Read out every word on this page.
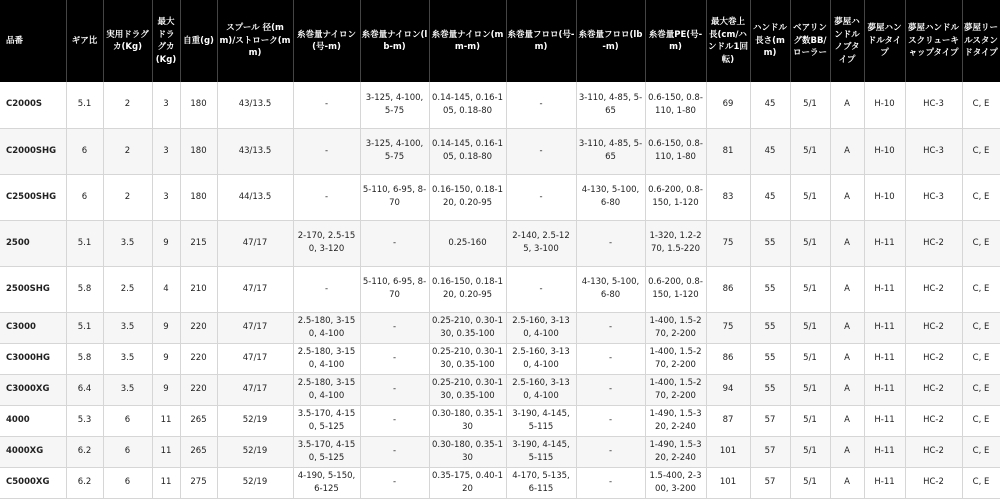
品番	ギア比	実用ドラグカ(Kg)	最大ドラグカ(Kg)	自重(g)	スプール 径(mm)/ストローク(mm)	糸巻量ナイロン(号-m)	糸巻量ナイロン(lb-m)	糸巻量ナイロン(mm-m)	糸巻量フロロ(号-m)	糸巻量フロロ(lb-m)	糸巻量PE(号-m)	最大巻上長(cm/ハンドル1回転)	ハンドル長さ(mm)	ベアリング数BB/ローラー	夢屋ハンドルノブタイプ	夢屋ハンドルタイプ	夢屋ハンドルスクリューキャップタイプ	夢屋リールスタンドタイプ
C2000S	5.1	2	3	180	43/13.5	-	3-125, 4-100, 5-75	0.14-145, 0.16-105, 0.18-80	-	3-110, 4-85, 5-65	0.6-150, 0.8-110, 1-80	69	45	5/1	A	H-10	HC-3	C, E
C2000SHG	6	2	3	180	43/13.5	-	3-125, 4-100, 5-75	0.14-145, 0.16-105, 0.18-80	-	3-110, 4-85, 5-65	0.6-150, 0.8-110, 1-80	81	45	5/1	A	H-10	HC-3	C, E
C2500SHG	6	2	3	180	44/13.5	-	5-110, 6-95, 8-70	0.16-150, 0.18-120, 0.20-95	-	4-130, 5-100, 6-80	0.6-200, 0.8-150, 1-120	83	45	5/1	A	H-10	HC-3	C, E
2500	5.1	3.5	9	215	47/17	2-170, 2.5-150, 3-120	-	0.25-160	2-140, 2.5-125, 3-100	-	1-320, 1.2-270, 1.5-220	75	55	5/1	A	H-11	HC-2	C, E
2500SHG	5.8	2.5	4	210	47/17	-	5-110, 6-95, 8-70	0.16-150, 0.18-120, 0.20-95	-	4-130, 5-100, 6-80	0.6-200, 0.8-150, 1-120	86	55	5/1	A	H-11	HC-2	C, E
C3000	5.1	3.5	9	220	47/17	2.5-180, 3-150, 4-100	-	0.25-210, 0.30-130, 0.35-100	2.5-160, 3-130, 4-100	-	1-400, 1.5-270, 2-200	75	55	5/1	A	H-11	HC-2	C, E
C3000HG	5.8	3.5	9	220	47/17	2.5-180, 3-150, 4-100	-	0.25-210, 0.30-130, 0.35-100	2.5-160, 3-130, 4-100	-	1-400, 1.5-270, 2-200	86	55	5/1	A	H-11	HC-2	C, E
C3000XG	6.4	3.5	9	220	47/17	2.5-180, 3-150, 4-100	-	0.25-210, 0.30-130, 0.35-100	2.5-160, 3-130, 4-100	-	1-400, 1.5-270, 2-200	94	55	5/1	A	H-11	HC-2	C, E
4000	5.3	6	11	265	52/19	3.5-170, 4-150, 5-125	-	0.30-180, 0.35-130	3-190, 4-145, 5-115	-	1-490, 1.5-320, 2-240	87	57	5/1	A	H-11	HC-2	C, E
4000XG	6.2	6	11	265	52/19	3.5-170, 4-150, 5-125	-	0.30-180, 0.35-130	3-190, 4-145, 5-115	-	1-490, 1.5-320, 2-240	101	57	5/1	A	H-11	HC-2	C, E
C5000XG	6.2	6	11	275	52/19	4-190, 5-150, 6-125	-	0.35-175, 0.40-120	4-170, 5-135, 6-115	-	1.5-400, 2-300, 3-200	101	57	5/1	A	H-11	HC-2	C, E
